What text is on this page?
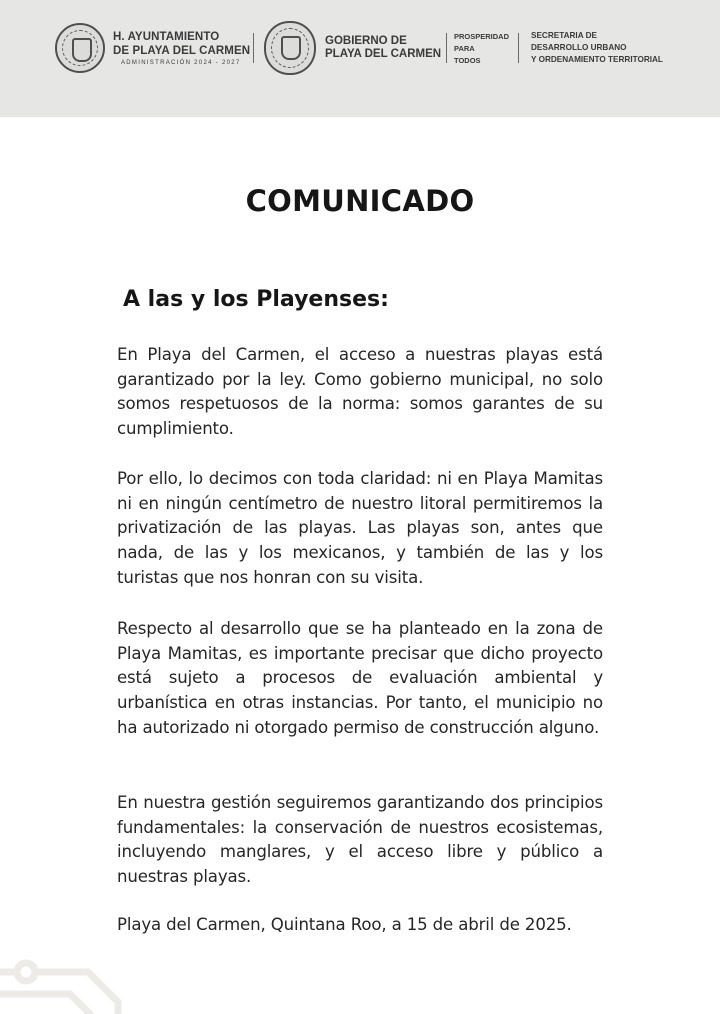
H. AYUNTAMIENTO
DE PLAYA DEL CARMEN
ADMINISTRACIÓN 2024 - 2027
GOBIERNO DE
PLAYA DEL CARMEN
PROSPERIDAD
PARA
TODOS
SECRETARIA DE
DESARROLLO URBANO
Y ORDENAMIENTO TERRITORIAL
COMUNICADO
A las y los Playenses:
En Playa del Carmen, el acceso a nuestras playas está garantizado por la ley. Como gobierno municipal, no solo somos respetuosos de la norma: somos garantes de su cumplimiento.
Por ello, lo decimos con toda claridad: ni en Playa Mamitas ni en ningún centímetro de nuestro litoral permitiremos la privatización de las playas. Las playas son, antes que nada, de las y los mexicanos, y también de las y los turistas que nos honran con su visita.
Respecto al desarrollo que se ha planteado en la zona de Playa Mamitas, es importante precisar que dicho proyecto está sujeto a procesos de evaluación ambiental y urbanística en otras instancias. Por tanto, el municipio no ha autorizado ni otorgado permiso de construcción alguno.
En nuestra gestión seguiremos garantizando dos principios fundamentales: la conservación de nuestros ecosistemas, incluyendo manglares, y el acceso libre y público a nuestras playas.
Playa del Carmen, Quintana Roo, a 15 de abril de 2025.
